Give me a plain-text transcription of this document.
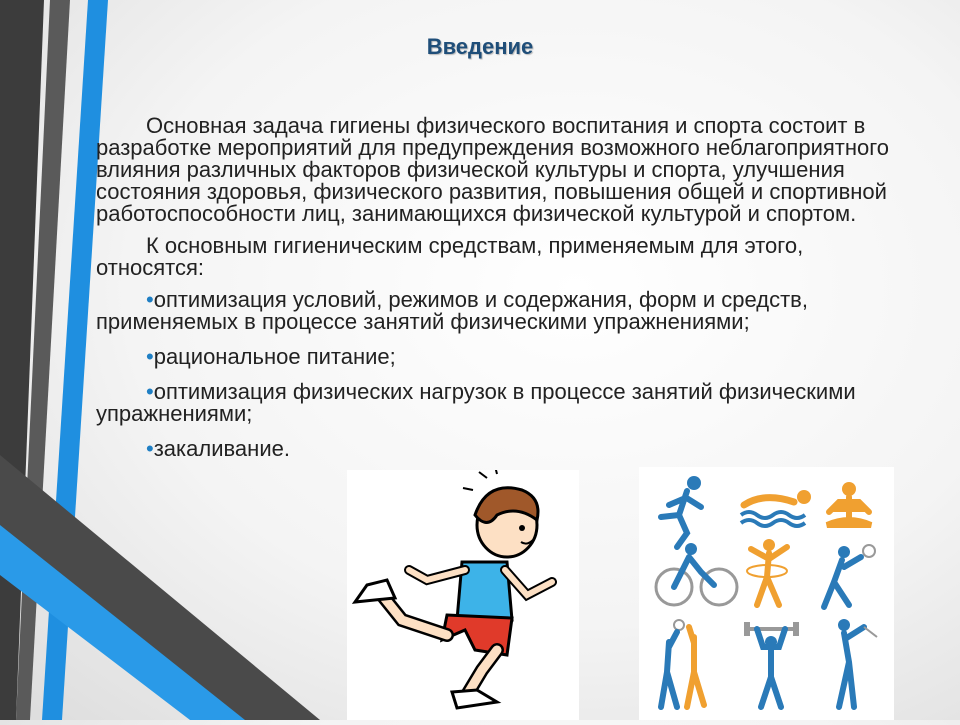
Введение

Основная задача гигиены физического воспитания и спорта состоит в разработке мероприятий для предупреждения возможного неблагоприятного влияния различных факторов физической культуры и спорта, улучшения состояния здоровья, физического развития, повышения общей и спортивной работоспособности лиц, занимающихся физической культурой и спортом.

К основным гигиеническим средствам, применяемым для этого, относятся:

•оптимизация условий, режимов и содержания, форм и средств, применяемых в процессе занятий физическими упражнениями;

•рациональное питание;

•оптимизация физических нагрузок в процессе занятий физическими упражнениями;

•закаливание.
